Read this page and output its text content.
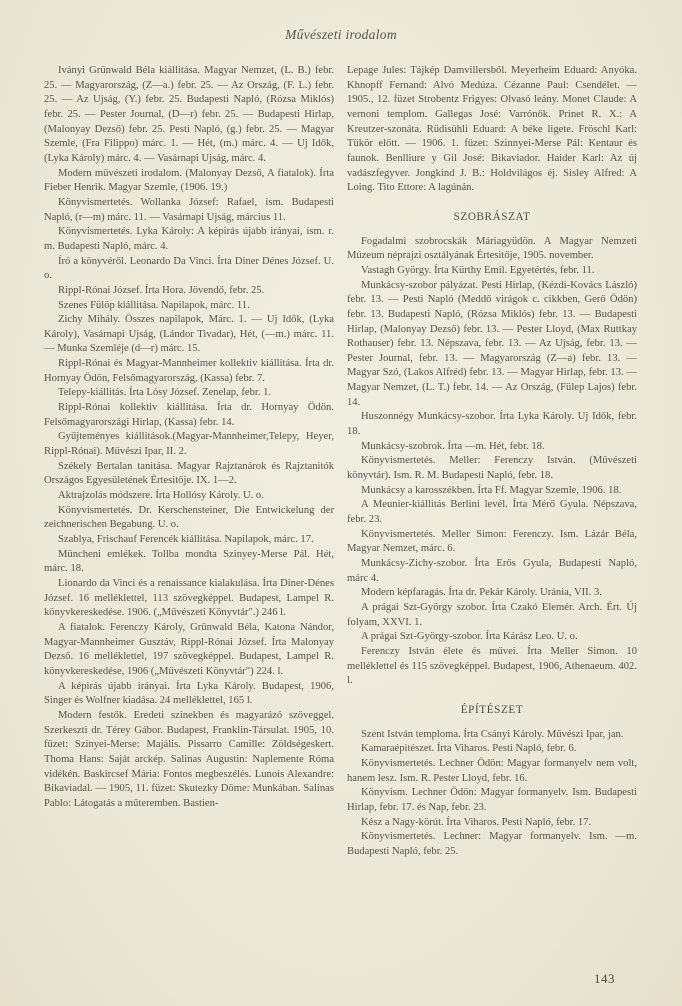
Művészeti irodalom

Iványi Grünwald Béla kiállitása. Magyar Nemzet, (L. B.) febr. 25. — Magyarország, (Z—a.) febr. 25. — Az Ország, (F. L.) febr. 25. — Az Ujság, (Y.) febr. 25. Budapesti Napló, (Rózsa Miklós) febr. 25. — Pester Journal, (D—r) febr. 25. — Budapesti Hirlap, (Malonyay Dezső) febr. 25. Pesti Napló, (g.) febr. 25. — Magyar Szemle, (Fra Filippo) márc. 1. — Hét, (m.) márc. 4. — Uj Idők, (Lyka Károly) márc. 4. — Vasárnapi Ujság, márc. 4.

Modern művészeti irodalom. (Malonyay Dezső, A fiatalok). Írta Fieber Henrik. Magyar Szemle, (1906. 19.)

Könyvismertetés. Wollanka József: Rafael, ism. Budapesti Napló, (r—m) márc. 11. — Vasárnapi Ujság, március 11.

Könyvismertetés. Lyka Károly: A képirás újabb irányai, ism. r. m. Budapesti Napló, márc. 4.

Író a könyvéről. Leonardo Da Vinci. Írta Diner Dénes József. U. o.

Rippl-Rónai József. Írta Hora. Jövendő, febr. 25.

Szenes Fülöp kiállitása. Napilapok, márc. 11.

Zichy Mihály. Összes napilapok, Márc. 1. — Uj Idők, (Lyka Károly), Vasárnapi Ujság, (Lándor Tivadar), Hét, (—m.) márc. 11. — Munka Szemléje (d—r) márc. 15.

Rippl-Rónai és Magyar-Mannheimer kollektiv kiállitása. Írta dr. Hornyay Ödön, Felsőmagyarország, (Kassa) febr. 7.

Telepy-kiállitás. Írta Lósy József. Zenelap, febr. 1.

Rippl-Rónai kollektiv kiállitása. Írta dr. Hornyay Ödön. Felsőmagyarországi Hirlap, (Kassa) febr. 14.

Gyűjteményes kiállitások.(Magyar-Mannheimer,Telepy, Heyer, Rippl-Rónai). Művészi Ipar, II. 2.

Székely Bertalan tanitása. Magyar Rajztanárok és Rajztanitók Országos Egyesületének Értesitője. IX. 1—2.

Aktrajzolás módszere. Írta Hollósy Károly. U. o.

Könyvismertetés. Dr. Kerschensteiner, Die Entwickelung der zeichnerischen Begabung. U. o.

Szablya, Frischauf Ferencék kiállitása. Napilapok, márc. 17.

Müncheni emlékek. Tollba mondta Szinyey-Merse Pál. Hét, márc. 18.

Lionardo da Vinci és a renaissance kialakulása. Írta Diner-Dénes József. 16 melléklettel, 113 szövegképpel. Budapest, Lampel R. könyvkereskedése. 1906. („Művészeti Könyvtár".) 246 l.

A fiatalok. Ferenczy Károly, Grünwald Béla, Katona Nándor, Magyar-Mannheimer Gusztáv, Rippl-Rónai József. Írta Malonyay Dezső. 16 melléklettel, 197 szövegképpel. Budapest, Lampel R. könyvkereskedése, 1906 („Művészeti Könyvtár") 224. l.

A képirás újabb irányai. Írta Lyka Károly. Budapest, 1906, Singer és Wolfner kiadása. 24 melléklettel, 165 l.

Modern festők. Eredeti szinekben és magyarázó szöveggel. Szerkeszti dr. Térey Gábor. Budapest, Franklin-Társulat. 1905, 10. füzet: Szinyei-Merse: Majális. Pissarro Camille: Zöldségeskert. Thoma Hans: Saját arckép. Salinas Augustin: Naplemente Róma vidékén. Baskircsef Mária: Fontos megbeszélés. Lunois Alexandre: Bikaviadal. — 1905, 11. füzet: Skutezky Döme: Munkában. Salinas Pablo: Látogatás a műteremben. Bastien-

Lepage Jules: Tájkép Damvillersből. Meyerheim Eduard: Anyóka. Khnopff Fernand: Alvó Medúza. Cézanne Paul: Csendélet. — 1905., 12. füzet Strobentz Frigyes: Olvasó leány. Monet Claude: A vernoni templom. Gallegas José: Varrónők. Prinet R. X.: A Kreutzer-szonáta. Rüdisühli Eduard: A béke ligete. Fröschl Karl: Tükör előtt. — 1906. 1. füzet: Szinnyei-Merse Pál: Kentaur és faunok. Benlliure y Gil José: Bikaviador. Haider Karl: Az új vadászfegyver. Jongkind J. B.: Holdvilágos éj. Sisley Alfred: A Loing. Tito Ettore: A lagúnán.

SZOBRÁSZAT

Fogadalmi szobrocskák Máriagyüdön. A Magyar Nemzeti Múzeum néprajzi osztályának Értesitője, 1905. november.

Vastagh György. Írta Kürthy Emil. Egyetértés, febr. 11.

Munkácsy-szobor pályázat. Pesti Hirlap, (Kézdi-Kovács László) febr. 13. — Pesti Napló (Meddő virágok c. cikkben, Gerő Ödön) febr. 13. Budapesti Napló, (Rózsa Miklós) febr. 13. — Budapesti Hirlap, (Malonyay Dezső) febr. 13. — Pester Lloyd, (Max Ruttkay Rothauser) febr. 13. Népszava, febr. 13. — Az Ujság, febr. 13. — Pester Journal, febr. 13. — Magyarország (Z—a) febr. 13. — Magyar Szó, (Lakos Alfréd) febr. 13. — Magyar Hirlap, febr. 13. — Magyar Nemzet, (L. T.) febr. 14. — Az Ország, (Fülep Lajos) febr. 14.

Huszonnégy Munkácsy-szobor. Írta Lyka Károly. Uj Idők, febr. 18.

Munkácsy-szobrok. Írta —m. Hét, febr. 18.

Könyvismertetés. Meller: Ferenczy István. (Művészeti könyvtár). Ism. R. M. Budapesti Napló, febr. 18.

Munkácsy a karosszékben. Írta Ff. Magyar Szemle, 1906. 18.

A Meunier-kiállitás Berlini levél. Írta Mérő Gyula. Népszava, febr. 23.

Könyvismertetés. Meller Simon: Ferenczy. Ism. Lázár Béla, Magyar Nemzet, márc. 6.

Munkácsy-Zichy-szobor. Írta Erős Gyula, Budapesti Napló, márc 4.

Modern képfaragás. Írta dr. Pekár Károly. Uránia, VII. 3.

A prágai Szt-György szobor. Írta Czakó Elemér. Arch. Ért. Új folyam, XXVI. 1.

A prágai Szt-György-szobor. Írta Kárász Leo. U. o.

Ferenczy István élete és művei. Írta Meller Simon. 10 melléklettel és 115 szövegképpel. Budapest, 1906, Athenaeum. 402. l.

ÉPÍTÉSZET

Szent István temploma. Írta Csányi Károly. Művészi Ipar, jan.

Kamaraépitészet. Írta Viharos. Pesti Napló, febr. 6.

Könyvismertetés. Lechner Ödön: Magyar formanyelv nem volt, hanem lesz. Ism. R. Pester Lloyd, febr. 16.

Könyvism. Lechner Ödön: Magyar formanyelv. Ism. Budapesti Hirlap, febr. 17. és Nap, febr. 23.

Kész a Nagy-körút. Írta Viharos. Pesti Napló, febr. 17.

Könyvismertetés. Lechner: Magyar formanyelv. Ism. —m. Budapesti Napló, febr. 25.

143
